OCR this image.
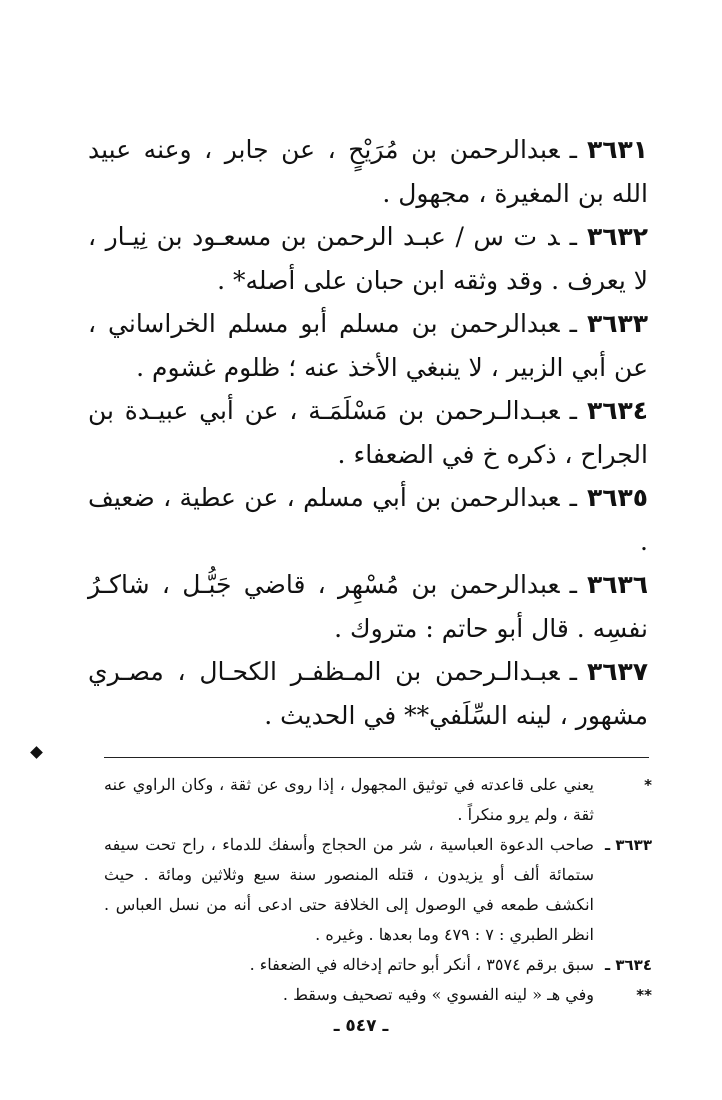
٣٦٣١ـعبدالرحمن بن مُرَيْحٍ ، عن جابر ، وعنه عبيد الله بن المغيرة ، مجهول .

٣٦٣٢ـد ت س / عبـد الرحمن بن مسعـود بن نِيـار ، لا يعرف . وقد وثقه ابن حبان على أصله* .

٣٦٣٣ـعبدالرحمن بن مسلم أبو مسلم الخراساني ، عن أبي الزبير ، لا ينبغي الأخذ عنه ؛ ظلوم غشوم .

٣٦٣٤ـعبـدالـرحمن بن مَسْلَمَـة ، عن أبي عبيـدة بن الجراح ، ذكره خ في الضعفاء .

٣٦٣٥ـعبدالرحمن بن أبي مسلم ، عن عطية ، ضعيف .

٣٦٣٦ـعبدالرحمن بن مُسْهِر ، قاضي جَبُّـل ، شاكـرُ نفسِه . قال أبو حاتم : متروك .

٣٦٣٧ـعبـدالـرحمن بن المـظفـر الكحـال ، مصـري مشهور ، لينه السِّلَفي** في الحديث .

*
يعني على قاعدته في توثيق المجهول ، إذا روى عن ثقة ، وكان الراوي عنه ثقة ، ولم يرو منكراً .
٣٦٣٣ ـ
صاحب الدعوة العباسية ، شر من الحجاج وأسفك للدماء ، راح تحت سيفه ستمائة ألف أو يزيدون ، قتله المنصور سنة سبع وثلاثين ومائة . حيث انكشف طمعه في الوصول إلى الخلافة حتى ادعى أنه من نسل العباس . انظر الطبري : ٧ : ٤٧٩ وما بعدها . وغيره .
٣٦٣٤ ـ
سبق برقم ٣٥٧٤ ، أنكر أبو حاتم إدخاله في الضعفاء .
**
وفي هـ « لينه الفسوي » وفيه تصحيف وسقط .
ـ ٥٤٧ ـ
